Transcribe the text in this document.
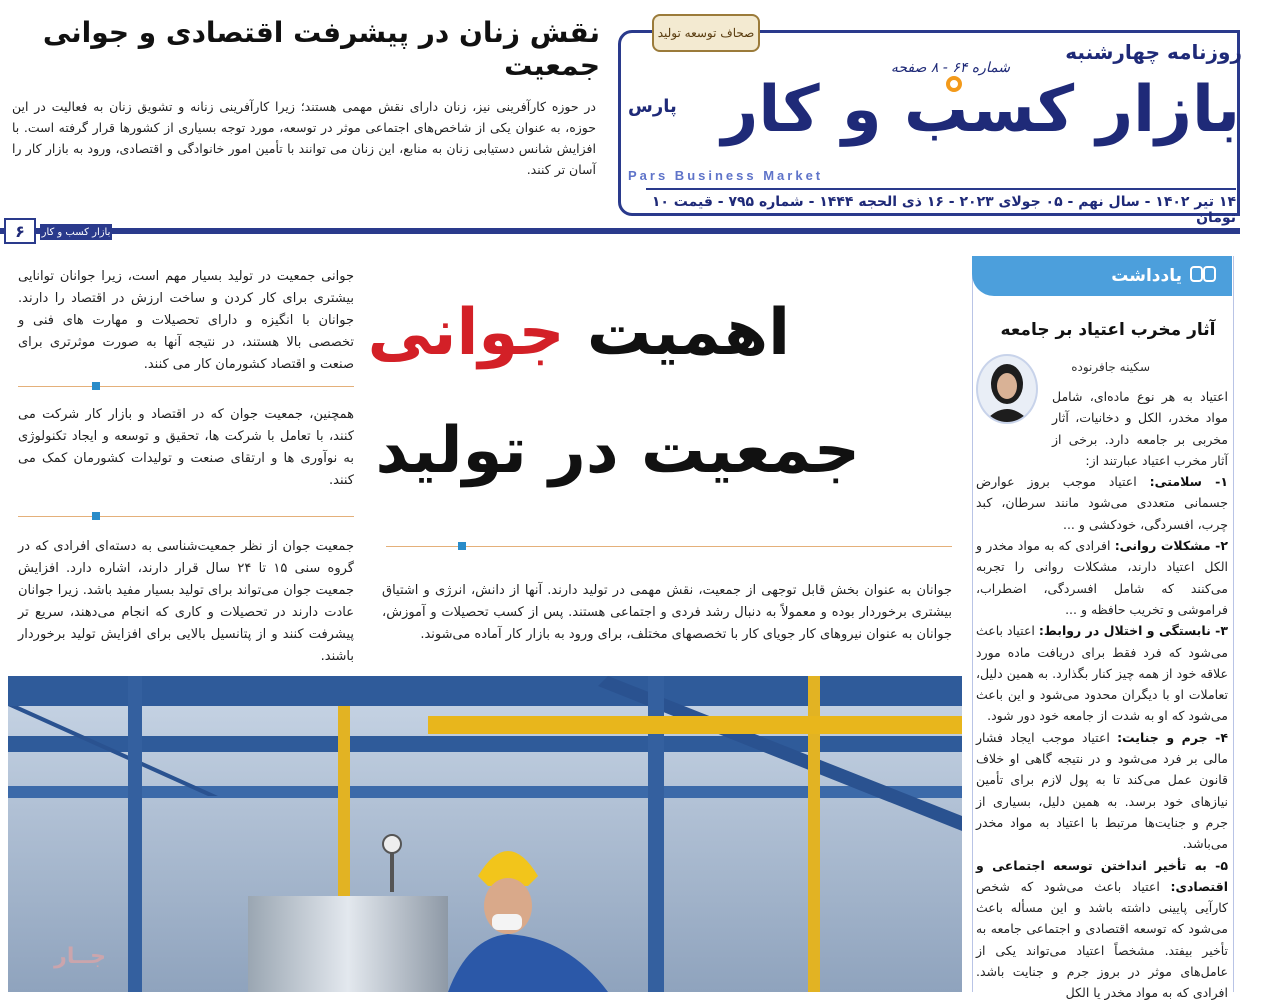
صحاف توسعه تولید
روزنامه چهارشنبه
شماره ۶۴ - ۸ صفحه
بازار کسب و کار
پارس
Pars Business Market
۱۴ تیر ۱۴۰۲ - سال نهم - ۰۵ جولای ۲۰۲۳ - ۱۶ ذی الحجه ۱۴۴۴ - شماره ۷۹۵ - قیمت ۱۰ تومان
نقش زنان در پیشرفت اقتصادی و جوانی جمعیت
در حوزه کارآفرینی نیز، زنان دارای نقش مهمی هستند؛ زیرا کارآفرینی زنانه و تشویق زنان به فعالیت در این حوزه، به عنوان یکی از شاخص‌های اجتماعی موثر در توسعه، مورد توجه بسیاری از کشورها قرار گرفته است. با افزایش شانس دستیابی زنان به منابع، این زنان می توانند با تأمین امور خانوادگی و اقتصادی، ورود به بازار کار را آسان تر کنند.
۶	بازار کسب و کار
جوانی جمعیت در تولید بسیار مهم است، زیرا جوانان توانایی بیشتری برای کار کردن و ساخت ارزش در اقتصاد را دارند. جوانان با انگیزه و دارای تحصیلات و مهارت های فنی و تخصصی بالا هستند، در نتیجه آنها به صورت موثرتری برای صنعت و اقتصاد کشورمان کار می کنند.
همچنین، جمعیت جوان که در اقتصاد و بازار کار شرکت می کنند، با تعامل با شرکت ها، تحقیق و توسعه و ایجاد تکنولوژی به نوآوری ها و ارتقای صنعت و تولیدات کشورمان کمک می کنند.
جمعیت جوان از نظر جمعیت‌شناسی به دسته‌ای افرادی که در گروه سنی ۱۵ تا ۲۴ سال قرار دارند، اشاره دارد. افزایش جمعیت جوان می‌تواند برای تولید بسیار مفید باشد. زیرا جوانان عادت دارند در تحصیلات و کاری که انجام می‌دهند، سریع تر پیشرفت کنند و از پتانسیل بالایی برای افزایش تولید برخوردار باشند.
اهمیت جوانی
جمعیت در تولید
جوانان به عنوان بخش قابل توجهی از جمعیت، نقش مهمی در تولید دارند. آنها از دانش، انرژی و اشتیاق بیشتری برخوردار بوده و معمولاً به دنبال رشد فردی و اجتماعی هستند. پس از کسب تحصیلات و آموزش، جوانان به عنوان نیروهای کار جویای کار با تخصصهای مختلف، برای ورود به بازار کار آماده می‌شوند.
یادداشت
آثار مخرب اعتیاد بر جامعه
سکینه جافرنوده
اعتیاد به هر نوع ماده‌ای، شامل مواد مخدر، الکل و دخانیات، آثار مخربی بر جامعه دارد. برخی از آثار مخرب اعتیاد عبارتند از:
۱- سلامتی: اعتیاد موجب بروز عوارض جسمانی متعددی می‌شود مانند سرطان، کبد چرب، افسردگی، خودکشی و ...
۲- مشکلات روانی: افرادی که به مواد مخدر و الکل اعتیاد دارند، مشکلات روانی را تجربه می‌کنند که شامل افسردگی، اضطراب، فراموشی و تخریب حافظه و ...
۳- نابستگی و اختلال در روابط: اعتیاد باعث می‌شود که فرد فقط برای دریافت ماده مورد علاقه خود از همه چیز کنار بگذارد. به همین دلیل، تعاملات او با دیگران محدود می‌شود و این باعث می‌شود که او به شدت از جامعه خود دور شود.
۴- جرم و جنایت: اعتیاد موجب ایجاد فشار مالی بر فرد می‌شود و در نتیجه گاهی او خلاف قانون عمل می‌کند تا به پول لازم برای تأمین نیازهای خود برسد. به همین دلیل، بسیاری از جرم و جنایت‌ها مرتبط با اعتیاد به مواد مخدر می‌باشد.
۵- به تأخیر انداختن توسعه اجتماعی و اقتصادی: اعتیاد باعث می‌شود که شخص کارآیی پایینی داشته باشد و این مسأله باعث می‌شود که توسعه اقتصادی و اجتماعی جامعه به تأخیر بیفتد. مشخصاً اعتیاد می‌تواند یکی از عامل‌های موثر در بروز جرم و جنایت باشد. افرادی که به مواد مخدر یا الکل
جــار
